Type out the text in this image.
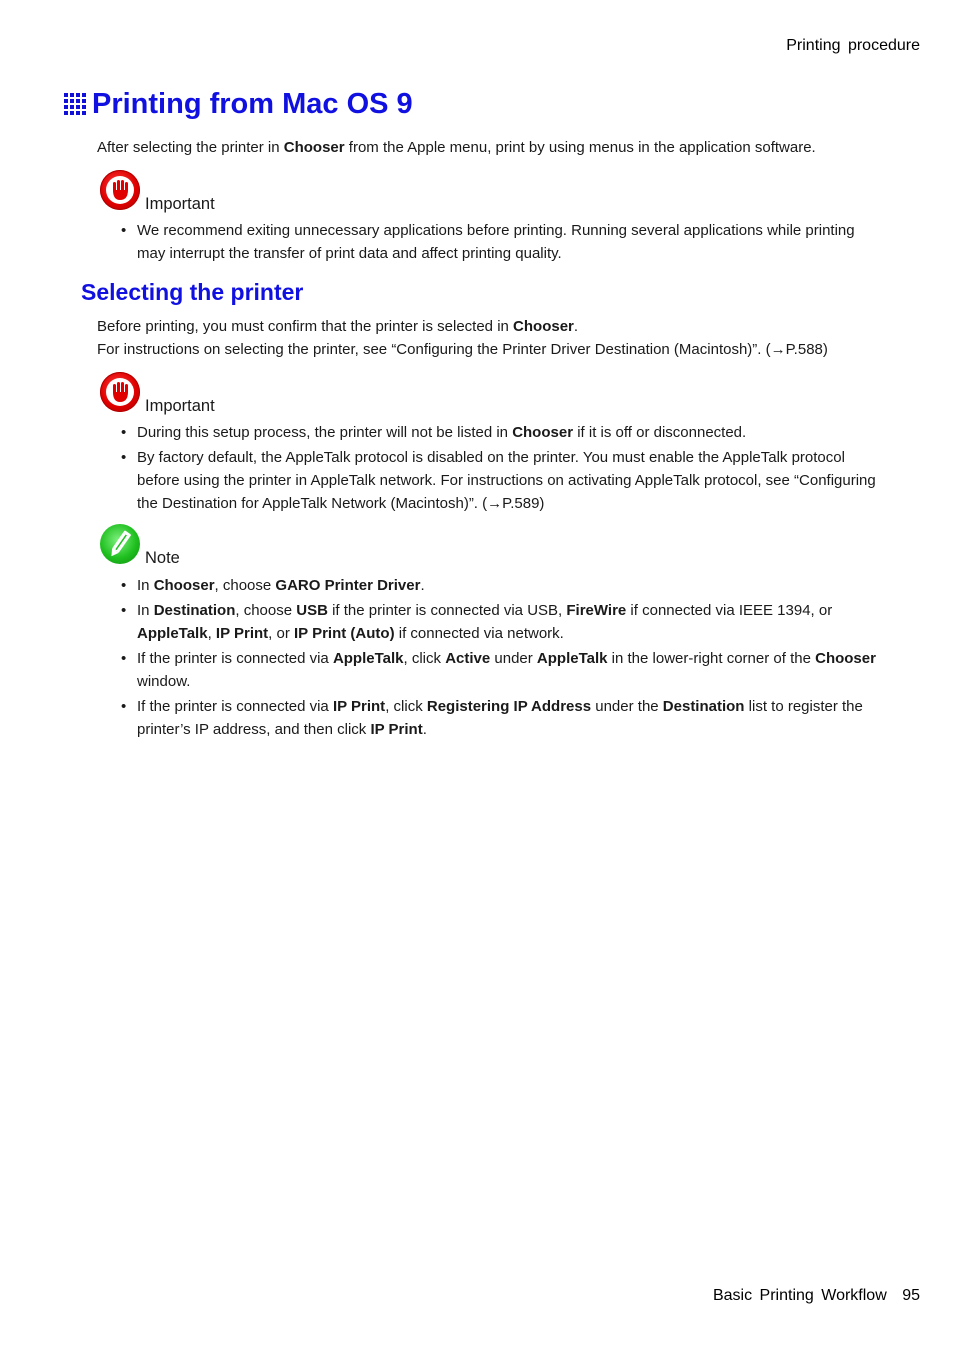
Printing procedure
Printing from Mac OS 9
After selecting the printer in Chooser from the Apple menu, print by using menus in the application software.
Important
• We recommend exiting unnecessary applications before printing. Running several applications while printing may interrupt the transfer of print data and affect printing quality.
Selecting the printer
Before printing, you must confirm that the printer is selected in Chooser.
For instructions on selecting the printer, see “Configuring the Printer Driver Destination (Macintosh)”. (→P.588)
Important
• During this setup process, the printer will not be listed in Chooser if it is off or disconnected.
• By factory default, the AppleTalk protocol is disabled on the printer. You must enable the AppleTalk protocol before using the printer in AppleTalk network. For instructions on activating AppleTalk protocol, see “Configuring the Destination for AppleTalk Network (Macintosh)”. (→P.589)
Note
• In Chooser, choose GARO Printer Driver.
• In Destination, choose USB if the printer is connected via USB, FireWire if connected via IEEE 1394, or AppleTalk, IP Print, or IP Print (Auto) if connected via network.
• If the printer is connected via AppleTalk, click Active under AppleTalk in the lower-right corner of the Chooser window.
• If the printer is connected via IP Print, click Registering IP Address under the Destination list to register the printer’s IP address, and then click IP Print.
Basic Printing Workflow 95
